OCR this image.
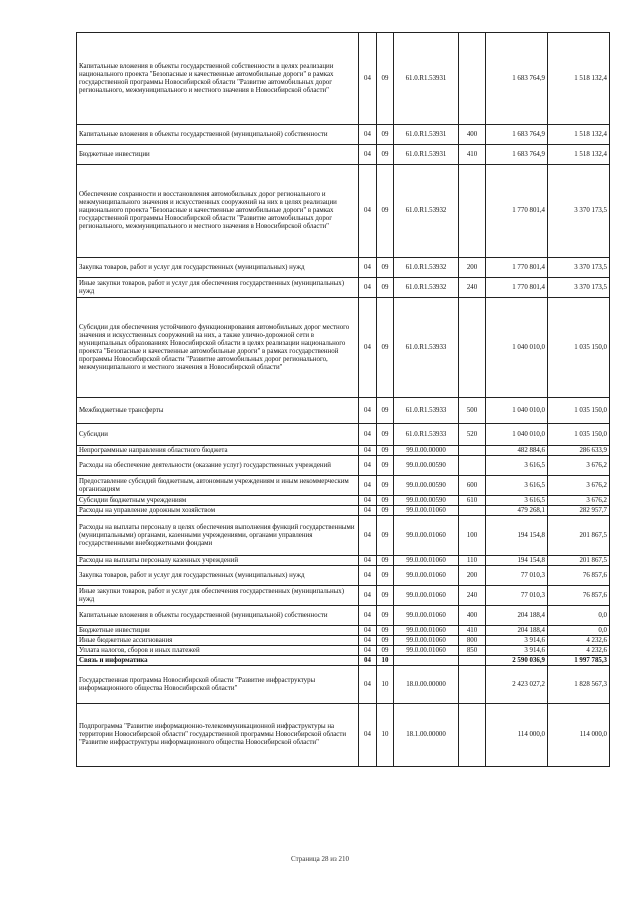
Капитальные вложения в объекты государственной собственности в целях реализации национального проекта "Безопасные и качественные автомобильные дороги" в рамках государственной программы Новосибирской области "Развитие автомобильных дорог регионального, межмуниципального и местного значения в Новосибирской области"	04	09	61.0.R1.53931		1 683 764,9	1 518 132,4
Капитальные вложения в объекты государственной (муниципальной) собственности	04	09	61.0.R1.53931	400	1 683 764,9	1 518 132,4
Бюджетные инвестиции	04	09	61.0.R1.53931	410	1 683 764,9	1 518 132,4
Обеспечение сохранности и восстановления автомобильных дорог регионального и межмуниципального значения и искусственных сооружений на них в целях реализации национального проекта "Безопасные и качественные автомобильные дороги" в рамках государственной программы Новосибирской области "Развитие автомобильных дорог регионального, межмуниципального и местного значения в Новосибирской области"	04	09	61.0.R1.53932		1 770 801,4	3 370 173,5
Закупка товаров, работ и услуг для государственных (муниципальных) нужд	04	09	61.0.R1.53932	200	1 770 801,4	3 370 173,5
Иные закупки товаров, работ и услуг для обеспечения государственных (муниципальных) нужд	04	09	61.0.R1.53932	240	1 770 801,4	3 370 173,5
Субсидии для обеспечения устойчивого функционирования автомобильных дорог местного значения и искусственных сооружений на них, а также улично-дорожной сети в муниципальных образованиях Новосибирской области в целях реализации национального проекта "Безопасные и качественные автомобильные дороги" в рамках государственной программы Новосибирской области "Развитие автомобильных дорог регионального, межмуниципального и местного значения в Новосибирской области"	04	09	61.0.R1.53933		1 040 010,0	1 035 150,0
Межбюджетные трансферты	04	09	61.0.R1.53933	500	1 040 010,0	1 035 150,0
Субсидии	04	09	61.0.R1.53933	520	1 040 010,0	1 035 150,0
Непрограммные направления областного бюджета	04	09	99.0.00.00000		482 884,6	286 633,9
Расходы на обеспечение деятельности (оказание услуг) государственных учреждений	04	09	99.0.00.00590		3 616,5	3 676,2
Предоставление субсидий бюджетным, автономным учреждениям и иным некоммерческим организациям	04	09	99.0.00.00590	600	3 616,5	3 676,2
Субсидии бюджетным учреждениям	04	09	99.0.00.00590	610	3 616,5	3 676,2
Расходы на управление дорожным хозяйством	04	09	99.0.00.01060		479 268,1	282 957,7
Расходы на выплаты персоналу в целях обеспечения выполнения функций государственными (муниципальными) органами, казенными учреждениями, органами управления государственными внебюджетными фондами	04	09	99.0.00.01060	100	194 154,8	201 867,5
Расходы на выплаты персоналу казенных учреждений	04	09	99.0.00.01060	110	194 154,8	201 867,5
Закупка товаров, работ и услуг для государственных (муниципальных) нужд	04	09	99.0.00.01060	200	77 010,3	76 857,6
Иные закупки товаров, работ и услуг для обеспечения государственных (муниципальных) нужд	04	09	99.0.00.01060	240	77 010,3	76 857,6
Капитальные вложения в объекты государственной (муниципальной) собственности	04	09	99.0.00.01060	400	204 188,4	0,0
Бюджетные инвестиции	04	09	99.0.00.01060	410	204 188,4	0,0
Иные бюджетные ассигнования	04	09	99.0.00.01060	800	3 914,6	4 232,6
Уплата налогов, сборов и иных платежей	04	09	99.0.00.01060	850	3 914,6	4 232,6
Связь и информатика	04	10			2 590 036,9	1 997 785,3
Государственная программа Новосибирской области "Развитие инфраструктуры информационного общества Новосибирской области"	04	10	18.0.00.00000		2 423 027,2	1 828 567,3
Подпрограмма "Развитие информационно-телекоммуникационной инфраструктуры на территории Новосибирской области" государственной программы Новосибирской области "Развитие инфраструктуры информационного общества Новосибирской области"	04	10	18.1.00.00000		114 000,0	114 000,0
Страница 28 из 210
